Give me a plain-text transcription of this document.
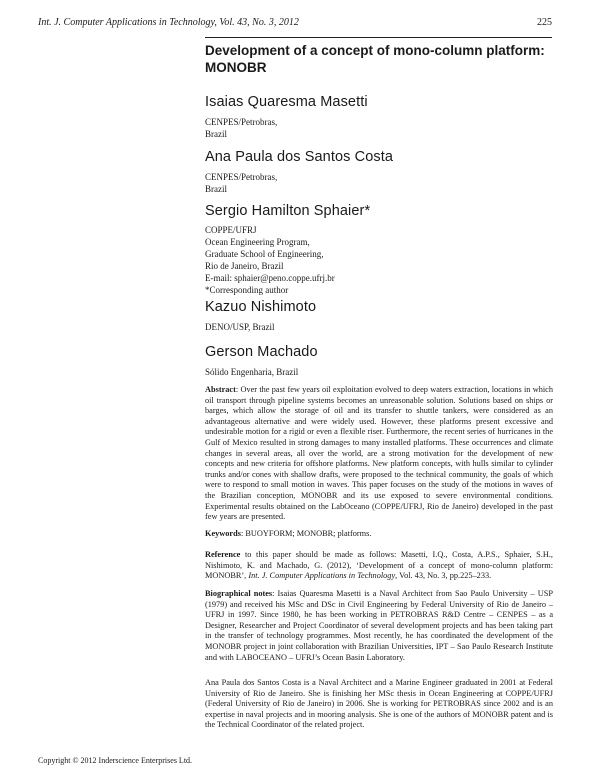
Int. J. Computer Applications in Technology, Vol. 43, No. 3, 2012	225
Development of a concept of mono-column platform: MONOBR
Isaias Quaresma Masetti
CENPES/Petrobras,
Brazil
Ana Paula dos Santos Costa
CENPES/Petrobras,
Brazil
Sergio Hamilton Sphaier*
COPPE/UFRJ
Ocean Engineering Program,
Graduate School of Engineering,
Rio de Janeiro, Brazil
E-mail: sphaier@peno.coppe.ufrj.br
*Corresponding author
Kazuo Nishimoto
DENO/USP, Brazil
Gerson Machado
Sólido Engenharia, Brazil
Abstract: Over the past few years oil exploitation evolved to deep waters extraction, locations in which oil transport through pipeline systems becomes an unreasonable solution. Solutions based on ships or barges, which allow the storage of oil and its transfer to shuttle tankers, were considered as an advantageous alternative and were widely used. However, these platforms present excessive and undesirable motion for a rigid or even a flexible riser. Furthermore, the recent series of hurricanes in the Gulf of Mexico resulted in strong damages to many installed platforms. These occurrences and climate changes in several areas, all over the world, are a strong motivation for the development of new concepts and new criteria for offshore platforms. New platform concepts, with hulls similar to cylinder trunks and/or cones with shallow drafts, were proposed to the technical community, the goals of which were to respond to small motion in waves. This paper focuses on the study of the motions in waves of the Brazilian conception, MONOBR and its use exposed to severe environmental conditions. Experimental results obtained on the LabOceano (COPPE/UFRJ, Rio de Janeiro) developed in the past few years are presented.
Keywords: BUOYFORM; MONOBR; platforms.
Reference to this paper should be made as follows: Masetti, I.Q., Costa, A.P.S., Sphaier, S.H., Nishimoto, K. and Machado, G. (2012), ‘Development of a concept of mono-column platform: MONOBR’, Int. J. Computer Applications in Technology, Vol. 43, No. 3, pp.225–233.
Biographical notes: Isaias Quaresma Masetti is a Naval Architect from Sao Paulo University – USP (1979) and received his MSc and DSc in Civil Engineering by Federal University of Rio de Janeiro – UFRJ in 1997. Since 1980, he has been working in PETROBRAS R&D Centre – CENPES – as a Designer, Researcher and Project Coordinator of several development projects and has been taking part in the transfer of technology programmes. Most recently, he has coordinated the development of the MONOBR project in joint collaboration with Brazilian Universities, IPT – Sao Paulo Research Institute and with LABOCEANO – UFRJ’s Ocean Basin Laboratory.
Ana Paula dos Santos Costa is a Naval Architect and a Marine Engineer graduated in 2001 at Federal University of Rio de Janeiro. She is finishing her MSc thesis in Ocean Engineering at COPPE/UFRJ (Federal University of Rio de Janeiro) in 2006. She is working for PETROBRAS since 2002 and is an expertise in naval projects and in mooring analysis. She is one of the authors of MONOBR patent and is the Technical Coordinator of the related project.
Copyright © 2012 Inderscience Enterprises Ltd.
